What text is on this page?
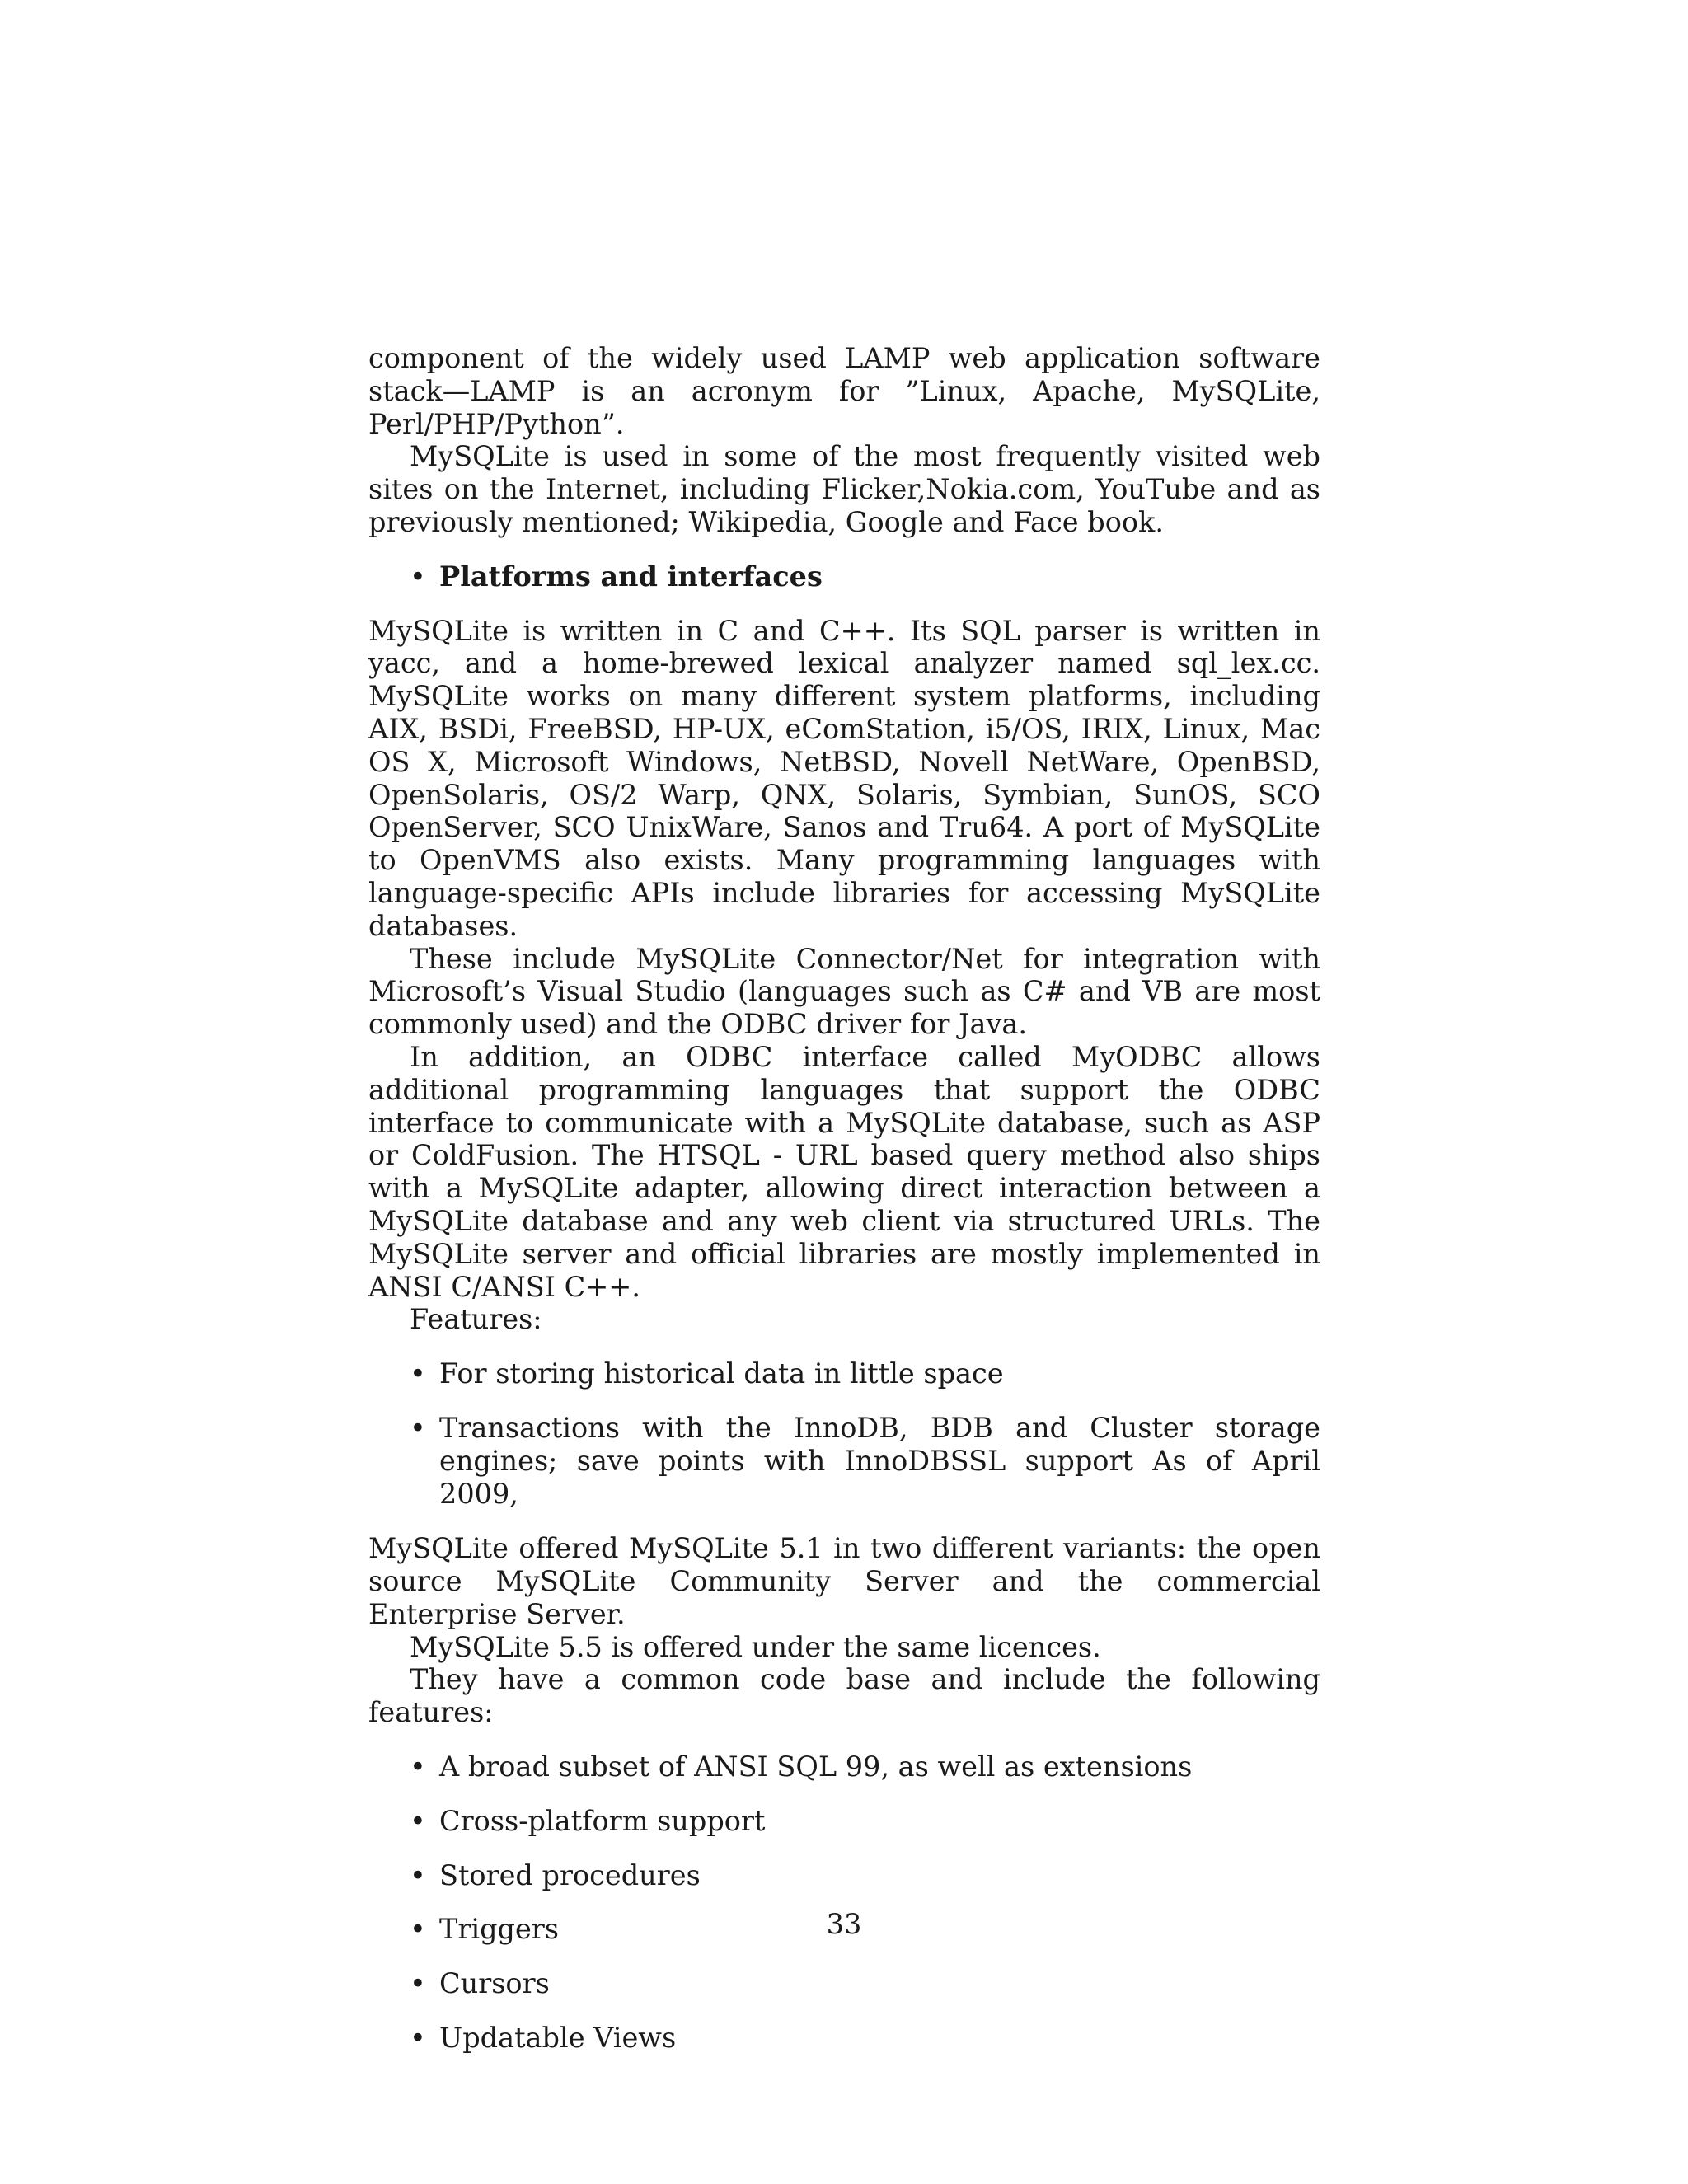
component of the widely used LAMP web application software stack—LAMP is an acronym for ”Linux, Apache, MySQLite, Perl/PHP/Python”.

MySQLite is used in some of the most frequently visited web sites on the Internet, including Flicker,Nokia.com, YouTube and as previously mentioned; Wikipedia, Google and Face book.

• Platforms and interfaces

MySQLite is written in C and C++. Its SQL parser is written in yacc, and a home-brewed lexical analyzer named sql_lex.cc. MySQLite works on many different system platforms, including AIX, BSDi, FreeBSD, HP-UX, eComStation, i5/OS, IRIX, Linux, Mac OS X, Microsoft Windows, NetBSD, Novell NetWare, OpenBSD, OpenSolaris, OS/2 Warp, QNX, Solaris, Symbian, SunOS, SCO OpenServer, SCO UnixWare, Sanos and Tru64. A port of MySQLite to OpenVMS also exists. Many programming languages with language-specific APIs include libraries for accessing MySQLite databases.

These include MySQLite Connector/Net for integration with Microsoft’s Visual Studio (languages such as C# and VB are most commonly used) and the ODBC driver for Java.

In addition, an ODBC interface called MyODBC allows additional programming languages that support the ODBC interface to communicate with a MySQLite database, such as ASP or ColdFusion. The HTSQL - URL based query method also ships with a MySQLite adapter, allowing direct interaction between a MySQLite database and any web client via structured URLs. The MySQLite server and official libraries are mostly implemented in ANSI C/ANSI C++.

Features:

• For storing historical data in little space
• Transactions with the InnoDB, BDB and Cluster storage engines; save points with InnoDBSSL support As of April 2009,

MySQLite offered MySQLite 5.1 in two different variants: the open source MySQLite Community Server and the commercial Enterprise Server.

MySQLite 5.5 is offered under the same licences.

They have a common code base and include the following features:

• A broad subset of ANSI SQL 99, as well as extensions
• Cross-platform support
• Stored procedures
• Triggers
• Cursors
• Updatable Views
33
